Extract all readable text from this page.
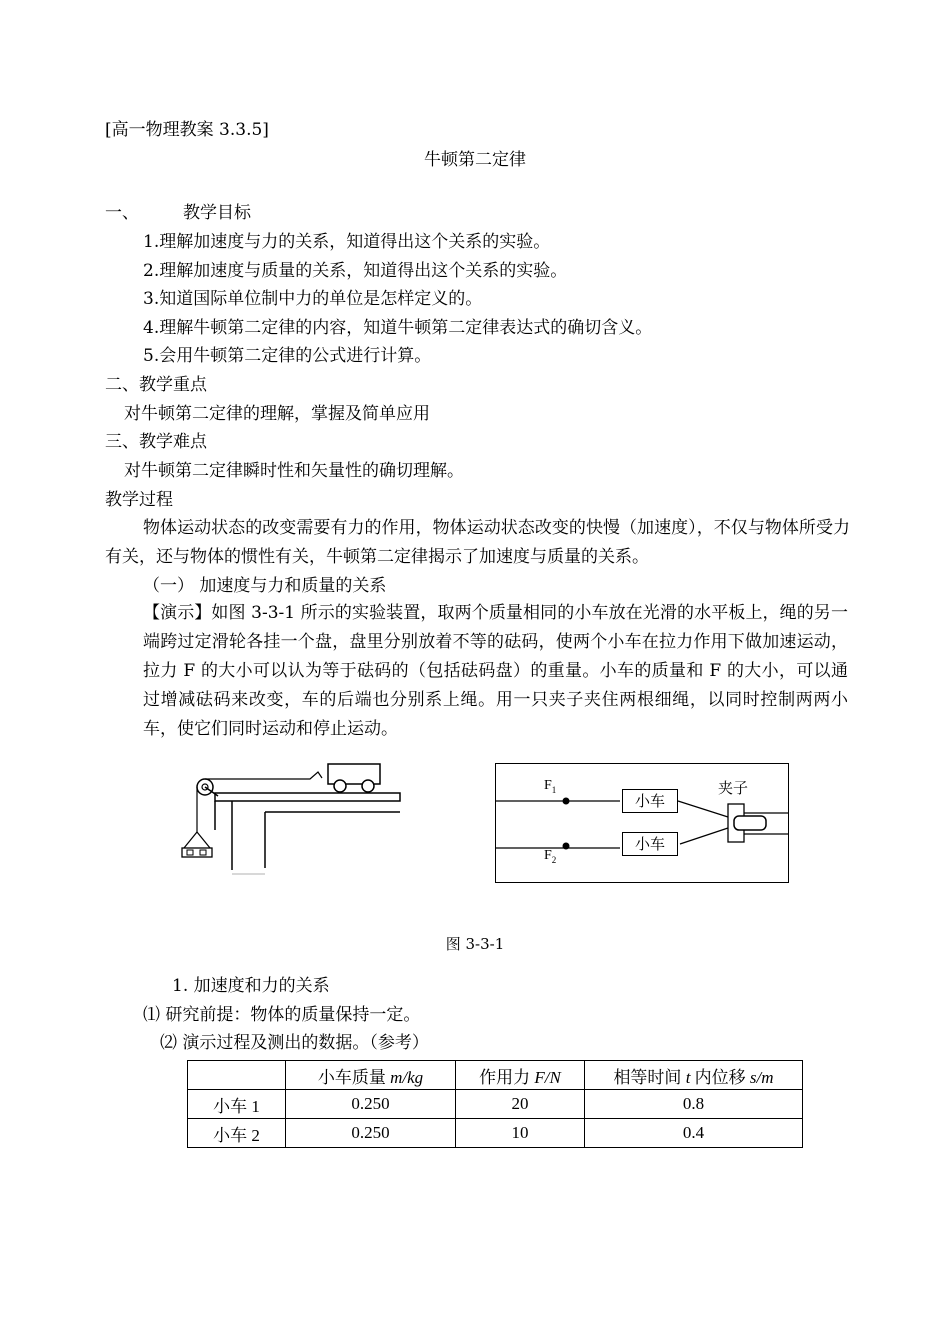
[高一物理教案 3.3.5]
牛顿第二定律
一、	教学目标
1.理解加速度与力的关系，知道得出这个关系的实验。
2.理解加速度与质量的关系，知道得出这个关系的实验。
3.知道国际单位制中力的单位是怎样定义的。
4.理解牛顿第二定律的内容，知道牛顿第二定律表达式的确切含义。
5.会用牛顿第二定律的公式进行计算。
二、教学重点
对牛顿第二定律的理解，掌握及简单应用
三、教学难点
对牛顿第二定律瞬时性和矢量性的确切理解。
教学过程
物体运动状态的改变需要有力的作用，物体运动状态改变的快慢（加速度），不仅与物体所受力有关，还与物体的惯性有关，牛顿第二定律揭示了加速度与质量的关系。
（一） 加速度与力和质量的关系
【演示】如图 3-3-1 所示的实验装置，取两个质量相同的小车放在光滑的水平板上，绳的另一端跨过定滑轮各挂一个盘，盘里分别放着不等的砝码，使两个小车在拉力作用下做加速运动，拉力 F 的大小可以认为等于砝码的（包括砝码盘）的重量。小车的质量和 F 的大小，可以通过增减砝码来改变，车的后端也分别系上绳。用一只夹子夹住两根细绳，以同时控制两两小车，使它们同时运动和停止运动。
小车
小车
$F_1$
$F_2$
夹子
图 3-3-1
1. 加速度和力的关系
⑴ 研究前提：物体的质量保持一定。
⑵ 演示过程及测出的数据。（参考）
	小车质量 m/kg	作用力 F/N	相等时间 t 内位移 s/m
小车 1	0.250	20	0.8
小车 2	0.250	10	0.4
